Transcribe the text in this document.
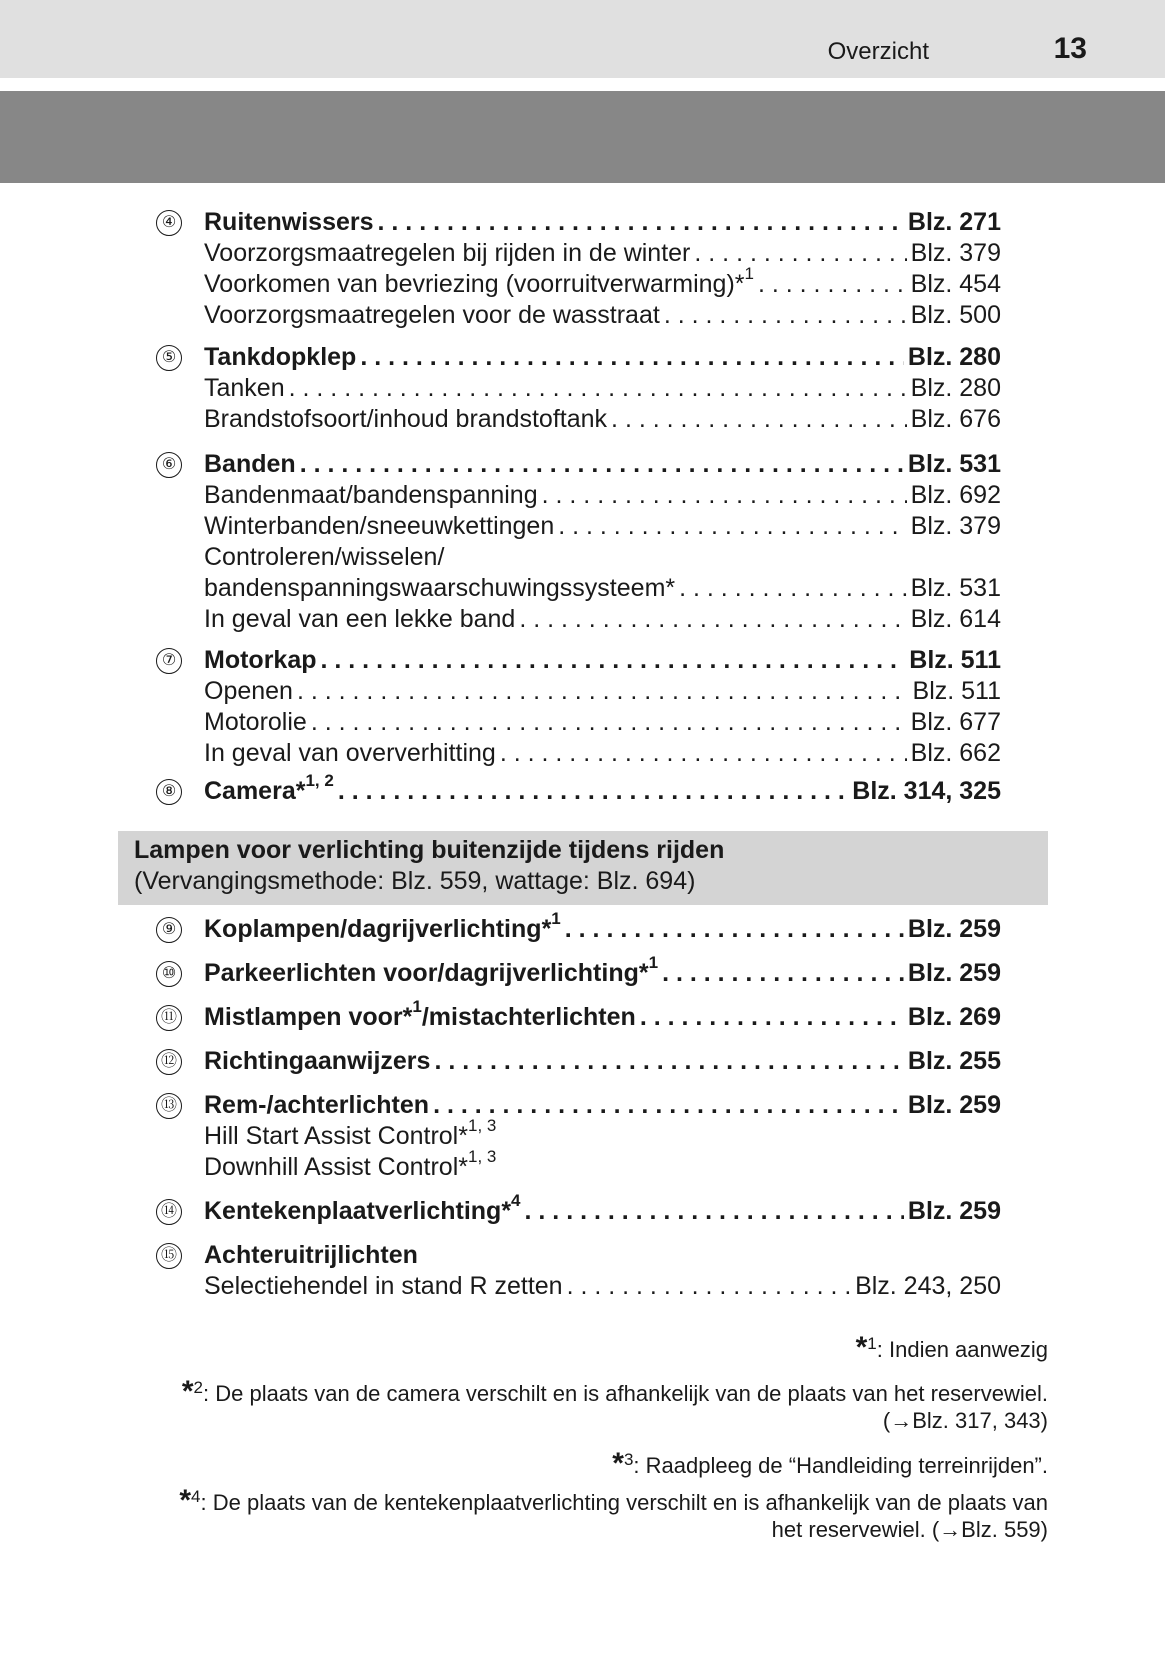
Overzicht	13
④ Ruitenwissers . . .	Blz. 271
Voorzorgsmaatregelen bij rijden in de winter . . .	Blz. 379
Voorkomen van bevriezing (voorruitverwarming)*$^1$ . . .	Blz. 454
Voorzorgsmaatregelen voor de wasstraat . . .	Blz. 500
⑤ Tankdopklep . . .	Blz. 280
Tanken . . .	Blz. 280
Brandstofsoort/inhoud brandstoftank . . .	Blz. 676
⑥ Banden . . .	Blz. 531
Bandenmaat/bandenspanning . . .	Blz. 692
Winterbanden/sneeuwkettingen . . .	Blz. 379
Controleren/wisselen/
bandenspanningswaarschuwingssysteem* . . .	Blz. 531
In geval van een lekke band . . .	Blz. 614
⑦ Motorkap . . .	Blz. 511
Openen . . .	Blz. 511
Motorolie . . .	Blz. 677
In geval van oververhitting . . .	Blz. 662
⑧ Camera*$^{1, 2}$ . . .	Blz. 314, 325
⑨ Koplampen/dagrijverlichting*$^1$ . . .	Blz. 259
⑩ Parkeerlichten voor/dagrijverlichting*$^1$ . . .	Blz. 259
⑪ Mistlampen voor*$^1$/mistachterlichten . . .	Blz. 269
⑫ Richtingaanwijzers . . .	Blz. 255
⑬ Rem-/achterlichten . . .	Blz. 259
Hill Start Assist Control*$^{1, 3}$
Downhill Assist Control*$^{1, 3}$
⑭ Kentekenplaatverlichting*$^4$ . . .	Blz. 259
⑮ Achteruitrijlichten
Selectiehendel in stand R zetten . . .	Blz. 243, 250
Lampen voor verlichting buitenzijde tijdens rijden
(Vervangingsmethode: Blz. 559, wattage: Blz. 694)
*$^1$: Indien aanwezig
*$^2$: De plaats van de camera verschilt en is afhankelijk van de plaats van het reservewiel.
(→Blz. 317, 343)
*$^3$: Raadpleeg de “Handleiding terreinrijden”.
*$^4$: De plaats van de kentekenplaatverlichting verschilt en is afhankelijk van de plaats van
het reservewiel. (→Blz. 559)
